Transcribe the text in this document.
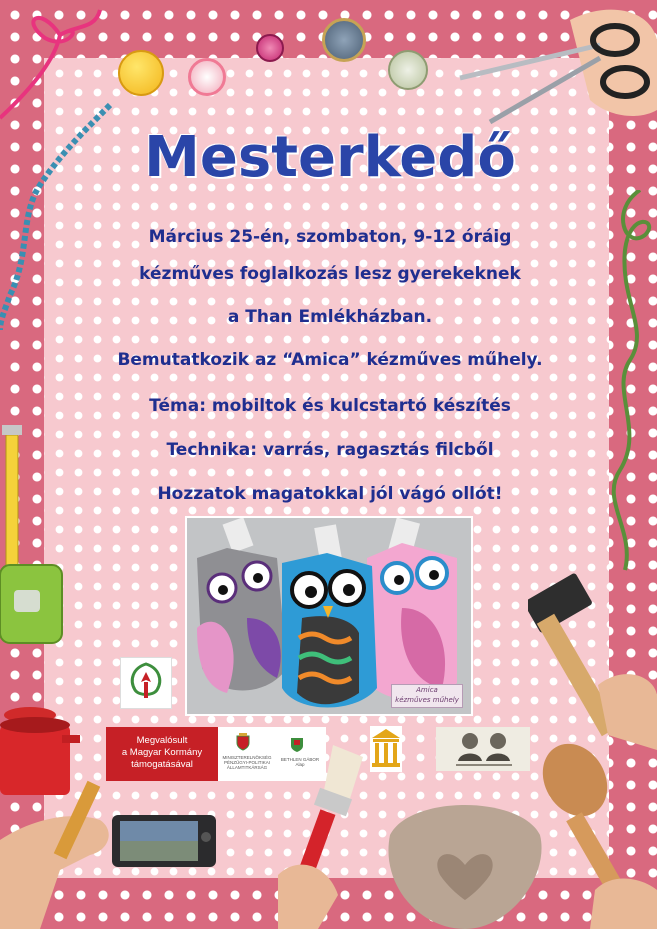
Mesterkedő

Március 25-én, szombaton, 9-12 óráig

kézműves foglalkozás lesz gyerekeknek

a Than Emlékházban.

Bemutatkozik az “Amica” kézműves műhely.

Téma: mobiltok és kulcstartó készítés

Technika: varrás, ragasztás filcből

Hozzatok magatokkal jól vágó ollót!

Amica
kézműves műhely
Megvalósult
a Magyar Kormány
támogatásával
MINISZTERELNÖKSÉG
PÉNZÜGYI-POLITIKAI ÁLLAMTITKÁRSÁG
BETHLEN GÁBOR
Alap
